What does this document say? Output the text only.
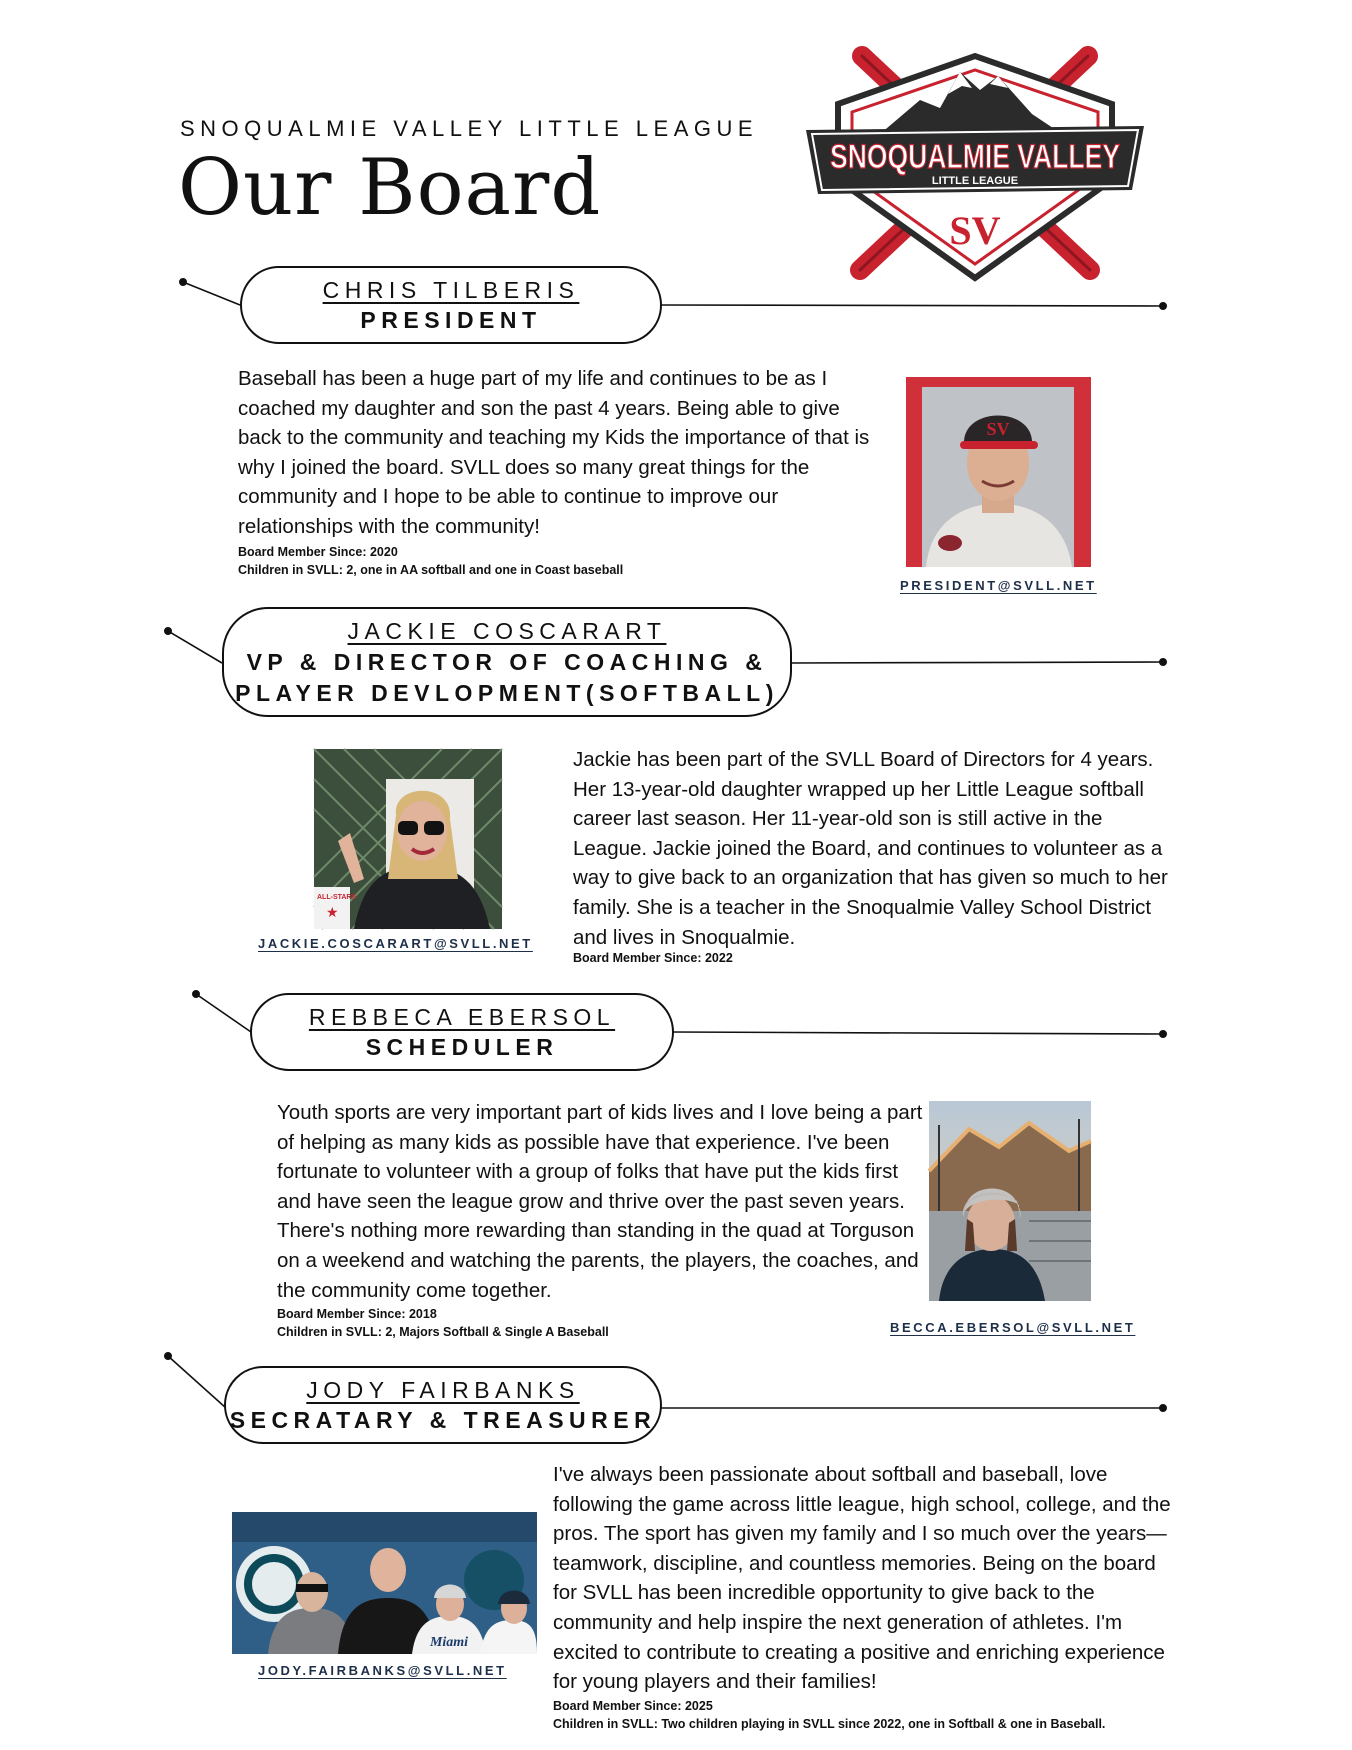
SNOQUALMIE VALLEY LITTLE LEAGUE
Our Board	SNOQUALMIE VALLEY
LITTLE LEAGUE
SV
CHRIS TILBERIS
PRESIDENT
Baseball has been a huge part of my life and continues to be as I coached my daughter and son the past 4 years. Being able to give back to the community and teaching my Kids the importance of that is why I joined the board. SVLL does so many great things for the community and I hope to be able to continue to improve our relationships with the community!
Board Member Since: 2020
Children in SVLL: 2, one in AA softball and one in Coast baseball
SV
PRESIDENT@SVLL.NET
JACKIE COSCARART
VP & DIRECTOR OF COACHING &
PLAYER DEVLOPMENT(SOFTBALL)
ALL-STARS
★
JACKIE.COSCARART@SVLL.NET
Jackie has been part of the SVLL Board of Directors for 4 years. Her 13-year-old daughter wrapped up her Little League softball career last season. Her 11-year-old son is still active in the League. Jackie joined the Board, and continues to volunteer as a way to give back to an organization that has given so much to her family. She is a teacher in the Snoqualmie Valley School District and lives in Snoqualmie.
Board Member Since: 2022
REBBECA EBERSOL
SCHEDULER
Youth sports are very important part of kids lives and I love being a part of helping as many kids as possible have that experience. I've been fortunate to volunteer with a group of folks that have put the kids first and have seen the league grow and thrive over the past seven years. There's nothing more rewarding than standing in the quad at Torguson on a weekend and watching the parents, the players, the coaches, and the community come together.
Board Member Since: 2018
Children in SVLL: 2, Majors Softball & Single A Baseball	BECCA.EBERSOL@SVLL.NET
JODY FAIRBANKS
SECRATARY & TREASURER
Miami
JODY.FAIRBANKS@SVLL.NET
I've always been passionate about softball and baseball, love following the game across little league, high school, college, and the pros. The sport has given my family and I so much over the years—teamwork, discipline, and countless memories. Being on the board for SVLL has been incredible opportunity to give back to the community and help inspire the next generation of athletes. I'm excited to contribute to creating a positive and enriching experience for young players and their families!
Board Member Since: 2025
Children in SVLL: Two children playing in SVLL since 2022, one in Softball & one in Baseball.
